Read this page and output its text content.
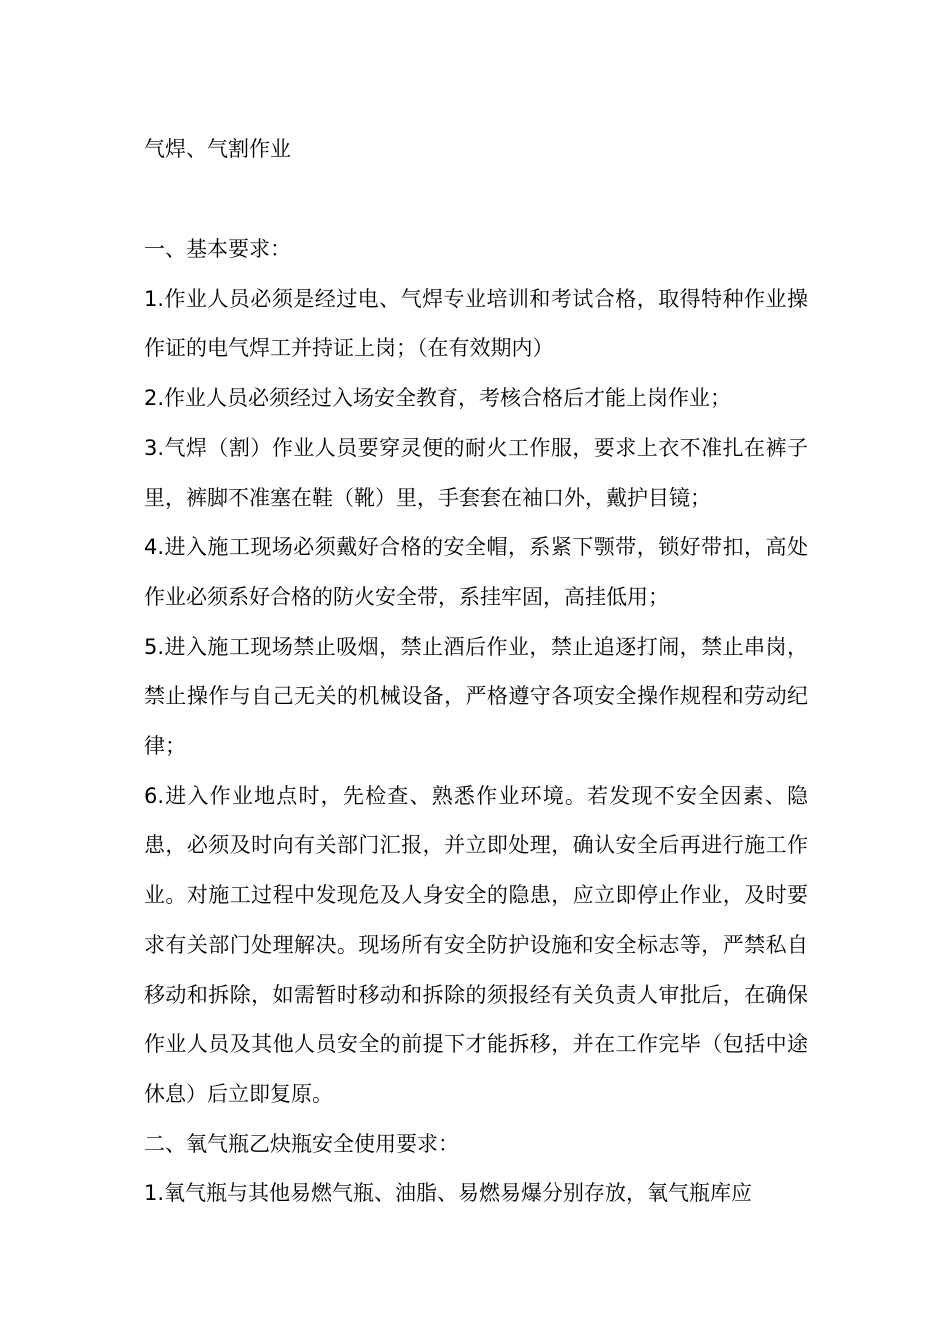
气焊、气割作业

一、基本要求：

1.作业人员必须是经过电、气焊专业培训和考试合格，取得特种作业操作证的电气焊工并持证上岗；（在有效期内）

2.作业人员必须经过入场安全教育，考核合格后才能上岗作业；

3.气焊（割）作业人员要穿灵便的耐火工作服，要求上衣不准扎在裤子里，裤脚不准塞在鞋（靴）里，手套套在袖口外，戴护目镜；

4.进入施工现场必须戴好合格的安全帽，系紧下颚带，锁好带扣，高处作业必须系好合格的防火安全带，系挂牢固，高挂低用；

5.进入施工现场禁止吸烟，禁止酒后作业，禁止追逐打闹，禁止串岗，禁止操作与自己无关的机械设备，严格遵守各项安全操作规程和劳动纪律；

6.进入作业地点时，先检查、熟悉作业环境。若发现不安全因素、隐患，必须及时向有关部门汇报，并立即处理，确认安全后再进行施工作业。对施工过程中发现危及人身安全的隐患，应立即停止作业，及时要求有关部门处理解决。现场所有安全防护设施和安全标志等，严禁私自移动和拆除，如需暂时移动和拆除的须报经有关负责人审批后，在确保作业人员及其他人员安全的前提下才能拆移，并在工作完毕（包括中途休息）后立即复原。

二、氧气瓶乙炔瓶安全使用要求：

1.氧气瓶与其他易燃气瓶、油脂、易燃易爆分别存放，氧气瓶库应
